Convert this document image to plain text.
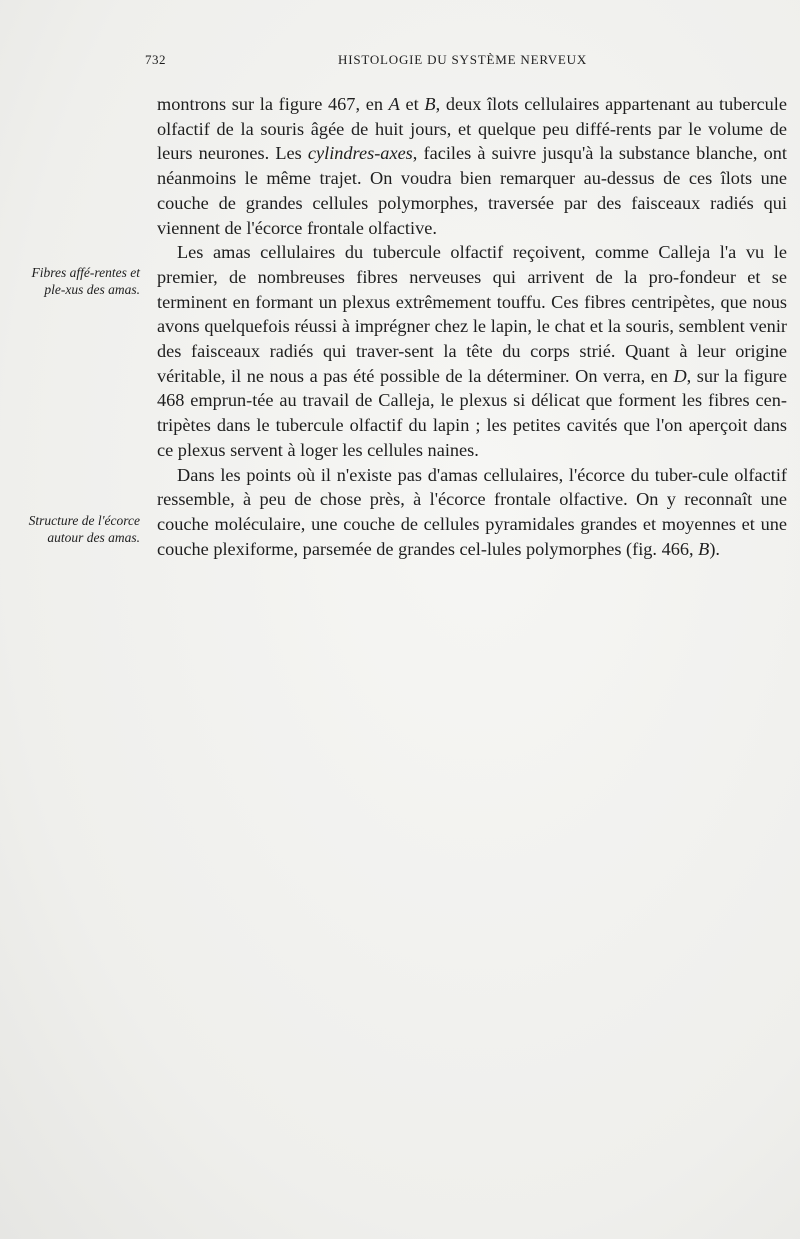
732	HISTOLOGIE DU SYSTÈME NERVEUX
Fibres affé-rentes et ple-xus des amas.
Structure de l'écorce autour des amas.

montrons sur la figure 467, en A et B, deux îlots cellulaires appartenant au tubercule olfactif de la souris âgée de huit jours, et quelque peu diffé-rents par le volume de leurs neurones. Les cylindres-axes, faciles à suivre jusqu'à la substance blanche, ont néanmoins le même trajet. On voudra bien remarquer au-dessus de ces îlots une couche de grandes cellules polymorphes, traversée par des faisceaux radiés qui viennent de l'écorce frontale olfactive.

Les amas cellulaires du tubercule olfactif reçoivent, comme Calleja l'a vu le premier, de nombreuses fibres nerveuses qui arrivent de la pro-fondeur et se terminent en formant un plexus extrêmement touffu. Ces fibres centripètes, que nous avons quelquefois réussi à imprégner chez le lapin, le chat et la souris, semblent venir des faisceaux radiés qui traver-sent la tête du corps strié. Quant à leur origine véritable, il ne nous a pas été possible de la déterminer. On verra, en D, sur la figure 468 emprun-tée au travail de Calleja, le plexus si délicat que forment les fibres cen-tripètes dans le tubercule olfactif du lapin ; les petites cavités que l'on aperçoit dans ce plexus servent à loger les cellules naines.

Dans les points où il n'existe pas d'amas cellulaires, l'écorce du tuber-cule olfactif ressemble, à peu de chose près, à l'écorce frontale olfactive. On y reconnaît une couche moléculaire, une couche de cellules pyramidales grandes et moyennes et une couche plexiforme, parsemée de grandes cel-lules polymorphes (fig. 466, B).
